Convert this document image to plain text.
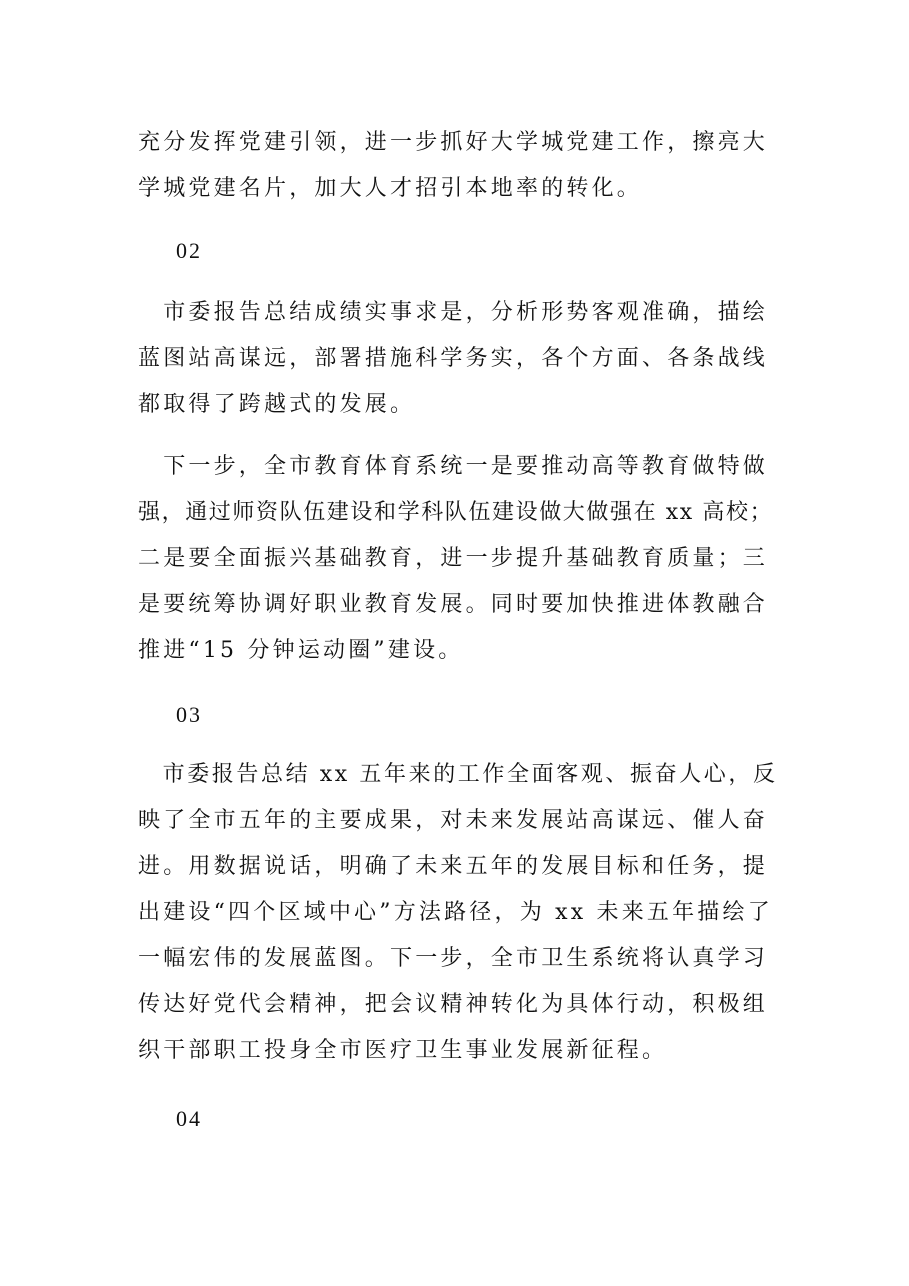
充分发挥党建引领，进一步抓好大学城党建工作，擦亮大
学城党建名片，加大人才招引本地率的转化。

02

　市委报告总结成绩实事求是，分析形势客观准确，描绘
蓝图站高谋远，部署措施科学务实，各个方面、各条战线
都取得了跨越式的发展。

　下一步，全市教育体育系统一是要推动高等教育做特做
强，通过师资队伍建设和学科队伍建设做大做强在 xx 高校；
二是要全面振兴基础教育，进一步提升基础教育质量；三
是要统筹协调好职业教育发展。同时要加快推进体教融合
推进“15 分钟运动圈”建设。

03

　市委报告总结 xx 五年来的工作全面客观、振奋人心，反
映了全市五年的主要成果，对未来发展站高谋远、催人奋
进。用数据说话，明确了未来五年的发展目标和任务，提
出建设“四个区域中心”方法路径，为 xx 未来五年描绘了
一幅宏伟的发展蓝图。下一步，全市卫生系统将认真学习
传达好党代会精神，把会议精神转化为具体行动，积极组
织干部职工投身全市医疗卫生事业发展新征程。

04
